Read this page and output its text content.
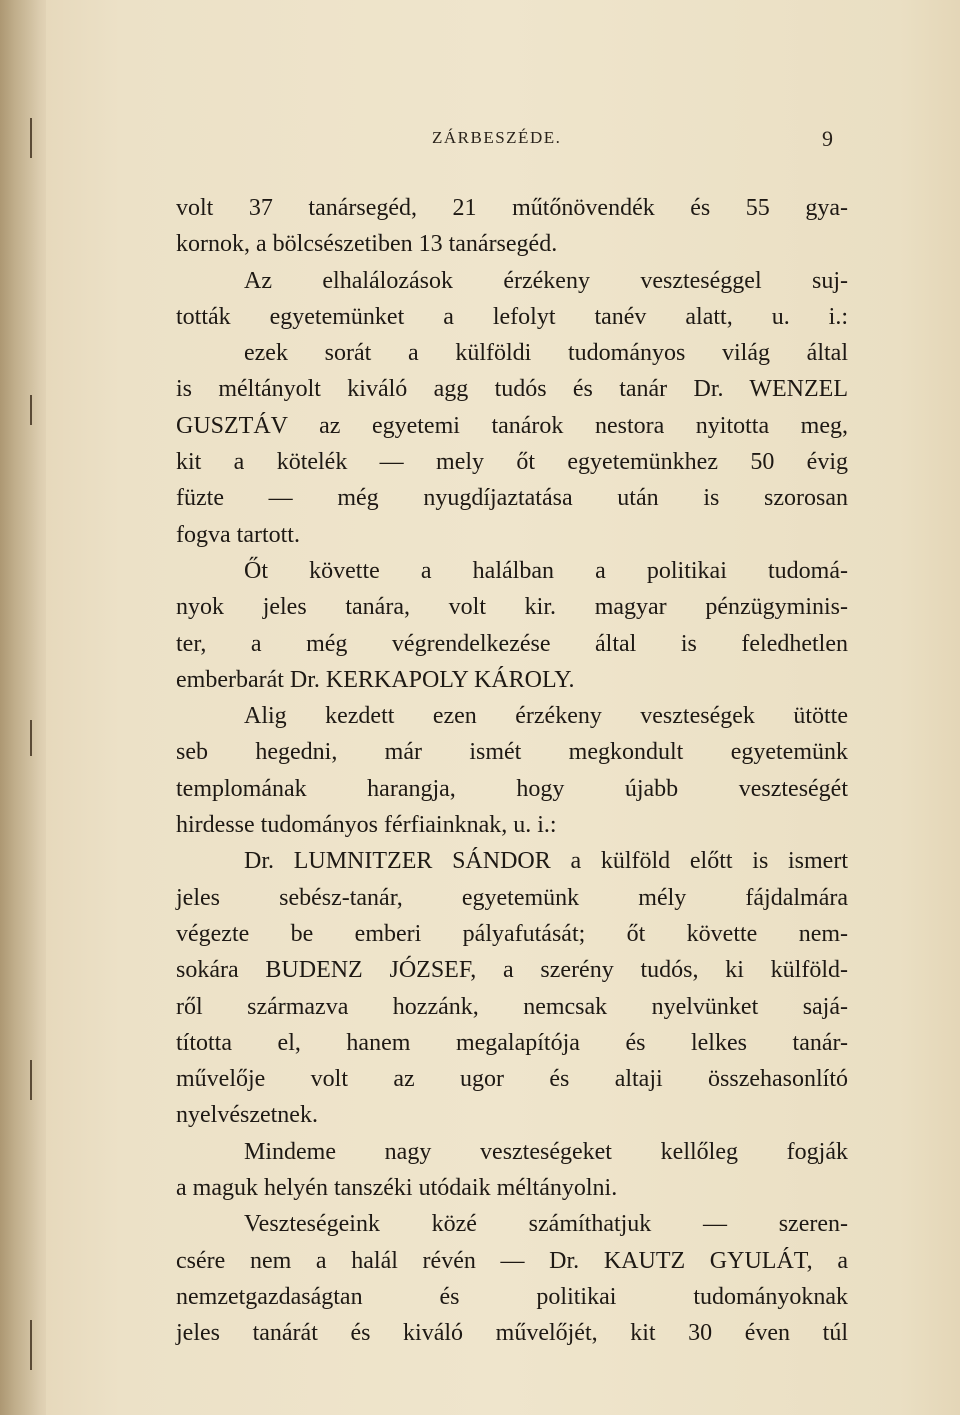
ZÁRBESZÉDE.	9
volt 37 tanársegéd, 21 műtőnövendék és 55 gya-
kornok, a bölcsészetiben 13 tanársegéd.
Az elhalálozások érzékeny veszteséggel suj-
tották egyetemünket a lefolyt tanév alatt, u. i.:
ezek sorát a külföldi tudományos világ által
is méltányolt kiváló agg tudós és tanár Dr. WENZEL
GUSZTÁV az egyetemi tanárok nestora nyitotta meg,
kit a kötelék — mely őt egyetemünkhez 50 évig
füzte — még nyugdíjaztatása után is szorosan
fogva tartott.
Őt követte a halálban a politikai tudomá-
nyok jeles tanára, volt kir. magyar pénzügyminis-
ter, a még végrendelkezése által is feledhetlen
emberbarát Dr. KERKAPOLY KÁROLY.
Alig kezdett ezen érzékeny veszteségek ütötte
seb hegedni, már ismét megkondult egyetemünk
templomának harangja, hogy újabb veszteségét
hirdesse tudományos férfiainknak, u. i.:
Dr. LUMNITZER SÁNDOR a külföld előtt is ismert
jeles sebész-tanár, egyetemünk mély fájdalmára
végezte be emberi pályafutását; őt követte nem-
sokára BUDENZ JÓZSEF, a szerény tudós, ki külföld-
ről származva hozzánk, nemcsak nyelvünket sajá-
tította el, hanem megalapítója és lelkes tanár-
művelője volt az ugor és altaji összehasonlító
nyelvészetnek.
Mindeme nagy veszteségeket kellőleg fogják
a maguk helyén tanszéki utódaik méltányolni.
Veszteségeink közé számíthatjuk — szeren-
csére nem a halál révén — Dr. KAUTZ GYULÁT, a
nemzetgazdaságtan és politikai tudományoknak
jeles tanárát és kiváló művelőjét, kit 30 éven túl
